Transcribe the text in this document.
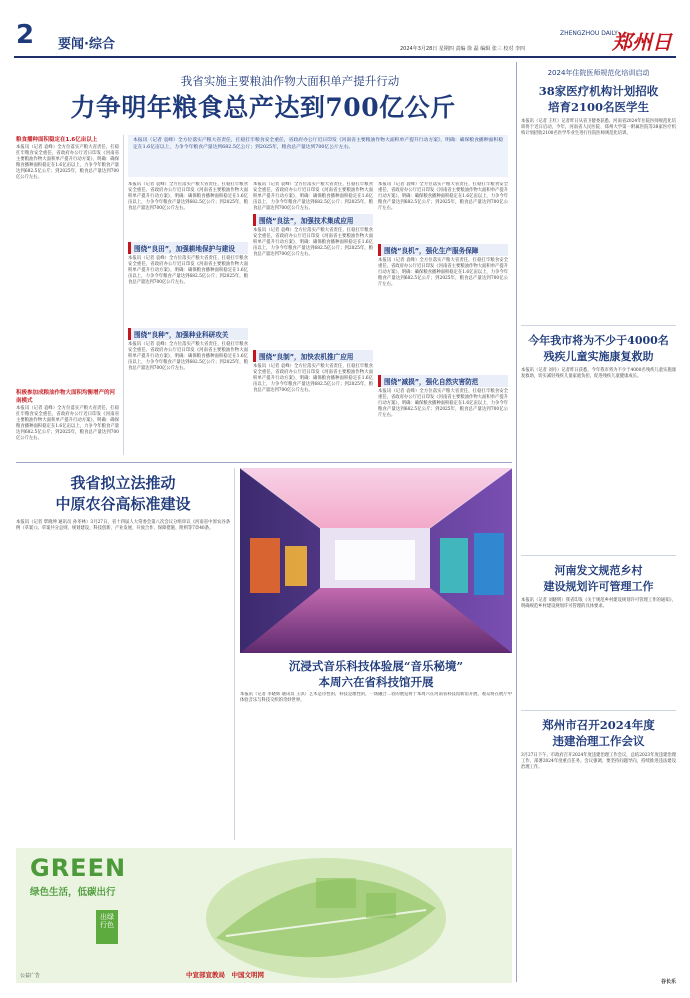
2 要闻·综合
ZHENGZHOU DAILY
2024年3月28日 星期四 责编 徐 磊 编辑 张三 校对 李四	郑州日
我省实施主要粮油作物大面积单产提升行动
力争明年粮食总产达到700亿公斤
粮食播种面积稳定在1.6亿亩以上
本报讯（记者 袁峰）全方位落实产粮大省责任，扛稳扛牢粮食安全重任，省政府办公厅近日印发《河南省主要粮油作物大面积单产提升行动方案》，明确：确保粮食播种面积稳定在1.6亿亩以上，力争今年粮食产量达到682.5亿公斤；到2025年，粮食总产量达到700亿公斤左右。
积极参加成粮油作物大面积均衡增产的河南模式
本报讯（记者 袁峰）全方位落实产粮大省责任，扛稳扛牢粮食安全重任，省政府办公厅近日印发《河南省主要粮油作物大面积单产提升行动方案》，明确：确保粮食播种面积稳定在1.6亿亩以上，力争今年粮食产量达到682.5亿公斤；到2025年，粮食总产量达到700亿公斤左右。
本报讯（记者 袁峰）全方位落实产粮大省责任，扛稳扛牢粮食安全重任，省政府办公厅近日印发《河南省主要粮油作物大面积单产提升行动方案》，明确：确保粮食播种面积稳定在1.6亿亩以上，力争今年粮食产量达到682.5亿公斤；到2025年，粮食总产量达到700亿公斤左右。
本报讯（记者 袁峰）全方位落实产粮大省责任，扛稳扛牢粮食安全重任，省政府办公厅近日印发《河南省主要粮油作物大面积单产提升行动方案》，明确：确保粮食播种面积稳定在1.6亿亩以上，力争今年粮食产量达到682.5亿公斤；到2025年，粮食总产量达到700亿公斤左右。
围绕“良田”，加强耕地保护与建设
本报讯（记者 袁峰）全方位落实产粮大省责任，扛稳扛牢粮食安全重任，省政府办公厅近日印发《河南省主要粮油作物大面积单产提升行动方案》，明确：确保粮食播种面积稳定在1.6亿亩以上，力争今年粮食产量达到682.5亿公斤；到2025年，粮食总产量达到700亿公斤左右。
围绕“良种”，加强种业科研攻关
本报讯（记者 袁峰）全方位落实产粮大省责任，扛稳扛牢粮食安全重任，省政府办公厅近日印发《河南省主要粮油作物大面积单产提升行动方案》，明确：确保粮食播种面积稳定在1.6亿亩以上，力争今年粮食产量达到682.5亿公斤；到2025年，粮食总产量达到700亿公斤左右。
本报讯（记者 袁峰）全方位落实产粮大省责任，扛稳扛牢粮食安全重任，省政府办公厅近日印发《河南省主要粮油作物大面积单产提升行动方案》，明确：确保粮食播种面积稳定在1.6亿亩以上，力争今年粮食产量达到682.5亿公斤；到2025年，粮食总产量达到700亿公斤左右。
围绕“良法”，加强技术集成应用
本报讯（记者 袁峰）全方位落实产粮大省责任，扛稳扛牢粮食安全重任，省政府办公厅近日印发《河南省主要粮油作物大面积单产提升行动方案》，明确：确保粮食播种面积稳定在1.6亿亩以上，力争今年粮食产量达到682.5亿公斤；到2025年，粮食总产量达到700亿公斤左右。
围绕“良制”，加快农机推广应用
本报讯（记者 袁峰）全方位落实产粮大省责任，扛稳扛牢粮食安全重任，省政府办公厅近日印发《河南省主要粮油作物大面积单产提升行动方案》，明确：确保粮食播种面积稳定在1.6亿亩以上，力争今年粮食产量达到682.5亿公斤；到2025年，粮食总产量达到700亿公斤左右。
本报讯（记者 袁峰）全方位落实产粮大省责任，扛稳扛牢粮食安全重任，省政府办公厅近日印发《河南省主要粮油作物大面积单产提升行动方案》，明确：确保粮食播种面积稳定在1.6亿亩以上，力争今年粮食产量达到682.5亿公斤；到2025年，粮食总产量达到700亿公斤左右。
围绕“良机”，强化生产服务保障
本报讯（记者 袁峰）全方位落实产粮大省责任，扛稳扛牢粮食安全重任，省政府办公厅近日印发《河南省主要粮油作物大面积单产提升行动方案》，明确：确保粮食播种面积稳定在1.6亿亩以上，力争今年粮食产量达到682.5亿公斤；到2025年，粮食总产量达到700亿公斤左右。
围绕“减损”，强化自然灾害防范
本报讯（记者 袁峰）全方位落实产粮大省责任，扛稳扛牢粮食安全重任，省政府办公厅近日印发《河南省主要粮油作物大面积单产提升行动方案》，明确：确保粮食播种面积稳定在1.6亿亩以上，力争今年粮食产量达到682.5亿公斤；到2025年，粮食总产量达到700亿公斤左右。
2024年住院医师规范化培训启动
38家医疗机构计划招收
培育2100名医学生
本报讯（记者 王红）记者昨日从省卫健委获悉，河南省2024年住院医师规范化培训将于近日启动，今年，河南省人民医院、郑州大学第一附属医院等38家医疗机构计划招收2100名医学毕业生进行住院医师规范化培训。
今年我市将为不少于4000名
残疾儿童实施康复救助
本报讯（记者 刘丹）记者昨日获悉，今年我市将为不少于4000名残疾儿童实施康复救助，切实减轻残疾儿童家庭负担，促进残疾儿童健康成长。
河南发文规范乡村
建设规划许可管理工作
本报讯（记者 刘晓明）我省印发《关于规范乡村建设规划许可管理工作的通知》，明确规范乡村建设规划许可管理的具体要求。
郑州市召开2024年度
违建治理工作会议
3月27日下午，市政府召开2024年度违建治理工作会议，总结2023年度违建治理工作，部署2024年度重点任务。会议强调，要坚持问题导向，持续推进违法建设治理工作。
谷长乐
我省拟立法推动
中原农谷高标准建设
本报讯（记者 覃晓坤 通讯员 孙冬林）3月27日，省十四届人大常委会第八次会议分组审议《河南省中原农谷条例（草案）》。草案共分总则、规划建设、科技创新、产业发展、开放合作、保障措施、附则等7章40条。
沉浸式音乐科技体验展“音乐秘境”
本周六在省科技馆开展
本报讯（记者 李晓辉 通讯员 王淇）艺术是诗性的，科技是理性的，一场融合二者的展览将于本周六在河南省科技馆新馆开展，观众将在展厅中体验音乐与科技交织的奇妙世界。
GREEN
绿色生活，低碳出行
出绿
行色
公益广告	中宣部宣教局　中国文明网
